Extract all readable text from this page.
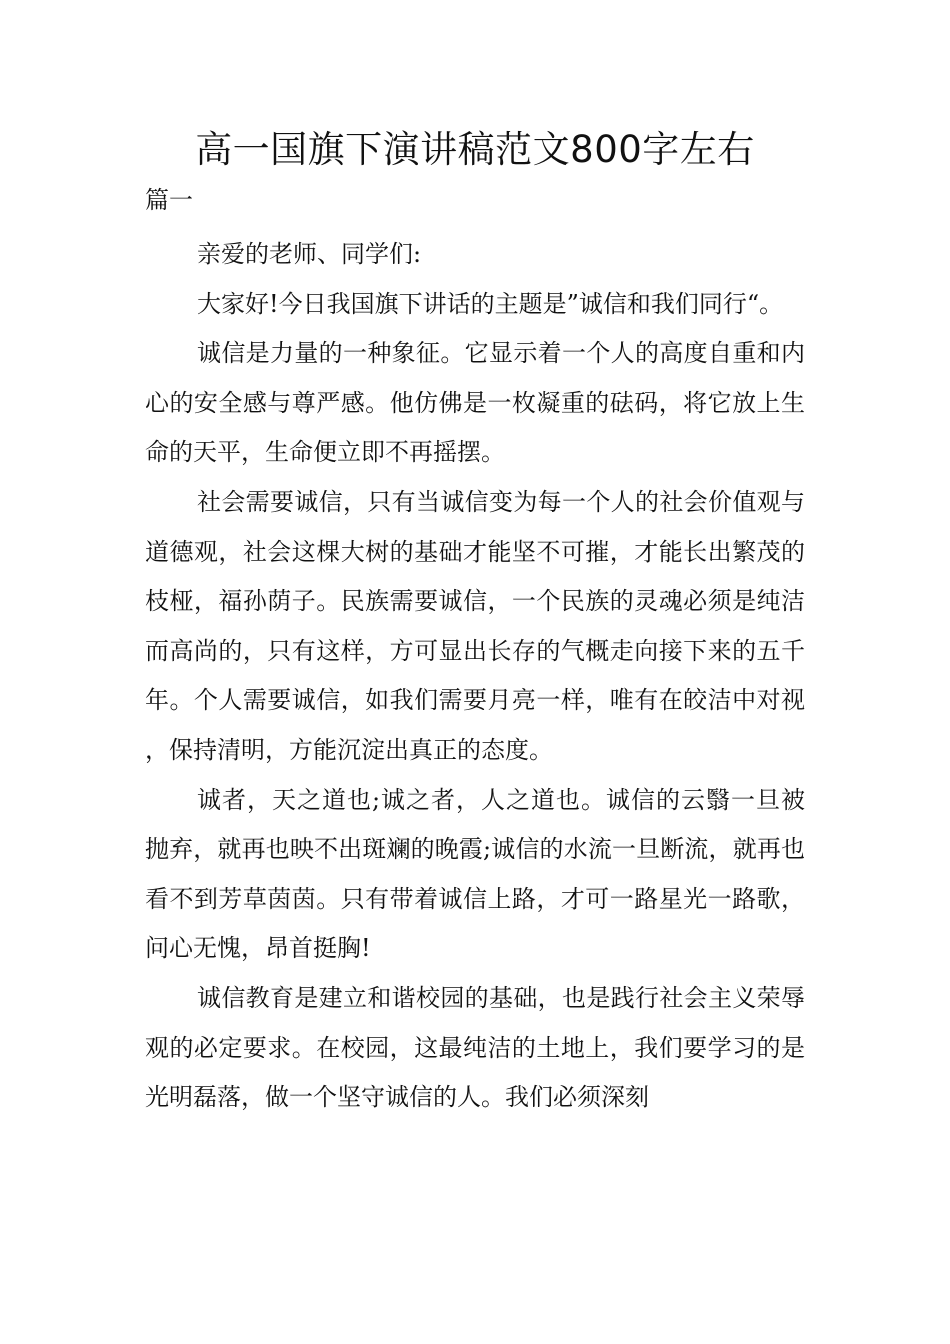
高一国旗下演讲稿范文800字左右

篇一

亲爱的老师、同学们:

大家好!今日我国旗下讲话的主题是”诚信和我们同行“。

诚信是力量的一种象征。它显示着一个人的高度自重和内心的安全感与尊严感。他仿佛是一枚凝重的砝码，将它放上生命的天平，生命便立即不再摇摆。

社会需要诚信，只有当诚信变为每一个人的社会价值观与道德观，社会这棵大树的基础才能坚不可摧，才能长出繁茂的枝桠，福孙荫子。民族需要诚信，一个民族的灵魂必须是纯洁而高尚的，只有这样，方可显出长存的气概走向接下来的五千年。个人需要诚信，如我们需要月亮一样，唯有在皎洁中对视，保持清明，方能沉淀出真正的态度。

诚者，天之道也;诚之者，人之道也。诚信的云翳一旦被抛弃，就再也映不出斑斓的晚霞;诚信的水流一旦断流，就再也看不到芳草茵茵。只有带着诚信上路，才可一路星光一路歌，问心无愧，昂首挺胸!

诚信教育是建立和谐校园的基础，也是践行社会主义荣辱观的必定要求。在校园，这最纯洁的土地上，我们要学习的是光明磊落，做一个坚守诚信的人。我们必须深刻
